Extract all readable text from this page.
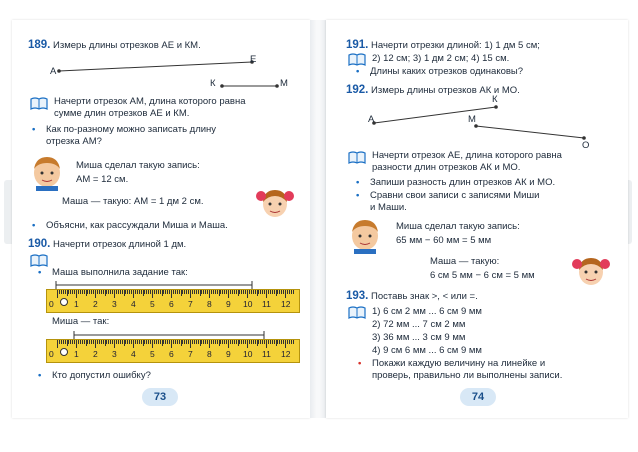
189. Измерь длины отрезков АЕ и КМ.
А
Е
К	М
Начерти отрезок АМ, длина которого равна
сумме длин отрезков АЕ и КМ.
• Как по-разному можно записать длину
отрезка АМ?
Миша сделал такую запись:
АМ = 12 см.
Маша — такую: АМ = 1 дм 2 см.
• Объясни, как рассуждали Миша и Маша.
190. Начерти отрезок длиной 1 дм.
• Маша выполнила задание так:
0 1 2 3 4 5 6 7 8 9 10 11 12
Миша — так:
0 1 2 3 4 5 6 7 8 9 10 11 12
• Кто допустил ошибку?
73
191. Начерти отрезки длиной: 1) 1 дм 5 см;
2) 12 см; 3) 1 дм 2 см; 4) 15 см.
• Длины каких отрезков одинаковы?
192. Измерь длины отрезков АК и МО.
А
К
М
О
Начерти отрезок АЕ, длина которого равна
разности длин отрезков АК и МО.
• Запиши разность длин отрезков АК и МО.
• Сравни свои записи с записями Миши
и Маши.
Миша сделал такую запись:
65 мм − 60 мм = 5 мм
Маша — такую:
6 см 5 мм − 6 см = 5 мм
193. Поставь знак >, < или =.
1) 6 см 2 мм ... 6 см 9 мм
2) 72 мм ... 7 см 2 мм
3) 36 мм ... 3 см 9 мм
4) 9 см 6 мм ... 6 см 9 мм
• Покажи каждую величину на линейке и
проверь, правильно ли выполнены записи.
74
